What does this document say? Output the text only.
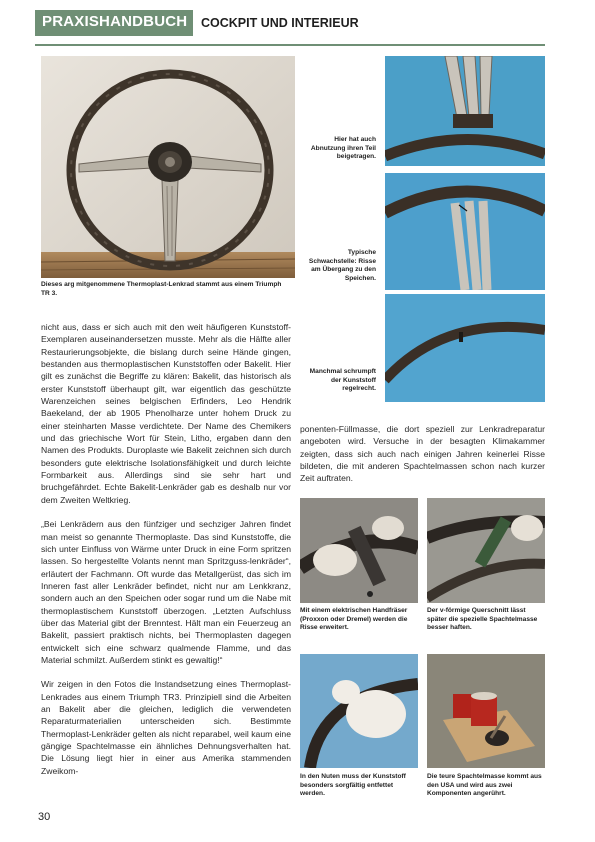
PRAXISHANDBUCH COCKPIT UND INTERIEUR
Dieses arg mitgenommene Thermoplast-Lenkrad stammt aus einem Triumph TR 3.
Hier hat auch Abnutzung ihren Teil beigetragen.
Typische Schwachstelle: Risse am Übergang zu den Speichen.
Manchmal schrumpft der Kunststoff regelrecht.

nicht aus, dass er sich auch mit den weit häufigeren Kunststoff-Exemplaren auseinandersetzen musste. Mehr als die Hälfte aller Restaurierungsobjekte, die bislang durch seine Hände gingen, bestanden aus thermoplastischen Kunststoffen oder Bakelit. Hier gilt es zunächst die Begriffe zu klären: Bakelit, das historisch als erster Kunststoff überhaupt gilt, war eigentlich das geschützte Warenzeichen seines belgischen Erfinders, Leo Hendrik Baekeland, der ab 1905 Phenolharze unter hohem Druck zu einer steinharten Masse verdichtete. Der Name des Chemikers und das griechische Wort für Stein, Litho, ergaben dann den Namen des Produkts. Duroplaste wie Bakelit zeichnen sich durch besonders gute elektrische Isolationsfähigkeit und durch leichte Formbarkeit aus. Allerdings sind sie sehr hart und bruchgefährdet. Echte Bakelit-Lenkräder gab es deshalb nur vor dem Zweiten Weltkrieg.

„Bei Lenkrädern aus den fünfziger und sechziger Jahren findet man meist so genannte Thermoplaste. Das sind Kunststoffe, die sich unter Einfluss von Wärme unter Druck in eine Form spritzen lassen. So hergestellte Volants nennt man Spritzguss-lenkräder“, erläutert der Fachmann. Oft wurde das Metallgerüst, das sich im Inneren fast aller Lenkräder befindet, nicht nur am Lenkkranz, sondern auch an den Speichen oder sogar rund um die Nabe mit thermoplastischem Kunststoff überzogen. „Letzten Aufschluss über das Material gibt der Brenntest. Hält man ein Feuerzeug an Bakelit, passiert praktisch nichts, bei Thermoplasten dagegen entwickelt sich eine schwarz qualmende Flamme, und das Material schmilzt. Außerdem stinkt es gewaltig!“

Wir zeigen in den Fotos die Instandsetzung eines Thermoplast-Lenkrades aus einem Triumph TR3. Prinzipiell sind die Arbeiten an Bakelit aber die gleichen, lediglich die verwendeten Reparaturmaterialien unterscheiden sich. Bestimmte Thermoplast-Lenkräder gelten als nicht reparabel, weil kaum eine gängige Spachtelmasse ein ähnliches Dehnungsverhalten hat. Die Lösung liegt hier in einer aus Amerika stammenden Zweikom-

ponenten-Füllmasse, die dort speziell zur Lenkradreparatur angeboten wird. Versuche in der besagten Klimakammer zeigten, dass sich auch nach einigen Jahren keinerlei Risse bildeten, die mit anderen Spachtelmassen schon nach kurzer Zeit auftraten.

Mit einem elektrischen Handfräser (Proxxon oder Dremel) werden die Risse erweitert.
Der v-förmige Querschnitt lässt später die spezielle Spachtelmasse besser haften.
In den Nuten muss der Kunststoff besonders sorgfältig entfettet werden.
Die teure Spachtelmasse kommt aus den USA und wird aus zwei Komponenten angerührt.
30
